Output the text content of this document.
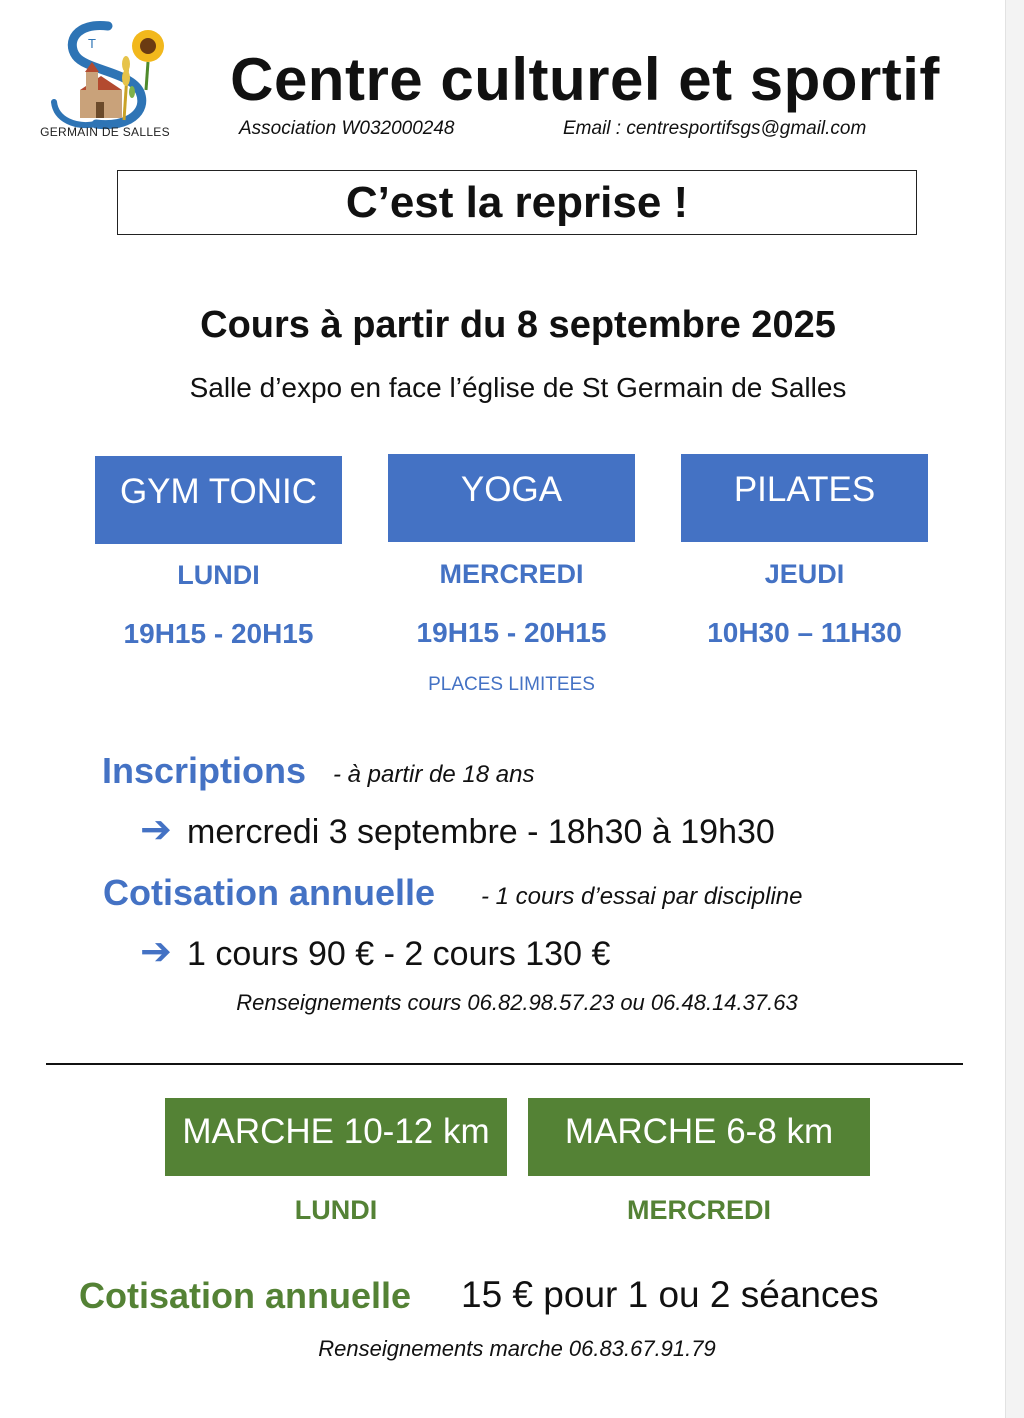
T
GERMAIN DE SALLES
Centre culturel et sportif
Association W032000248	Email : centresportifsgs@gmail.com
C’est la reprise !
Cours à partir du 8 septembre 2025
Salle d’expo en face l’église de St Germain de Salles
GYM TONIC
LUNDI
19H15 - 20H15
YOGA
MERCREDI
19H15 - 20H15
PLACES LIMITEES
PILATES
JEUDI
10H30 – 11H30
Inscriptions - à partir de 18 ans
➔ mercredi 3 septembre - 18h30 à 19h30
Cotisation annuelle - 1 cours d’essai par discipline
➔ 1 cours 90 € - 2 cours 130 €
Renseignements cours 06.82.98.57.23 ou 06.48.14.37.63
MARCHE 10-12 km
LUNDI
MARCHE 6-8 km
MERCREDI
Cotisation annuelle 15 € pour 1 ou 2 séances
Renseignements marche 06.83.67.91.79
